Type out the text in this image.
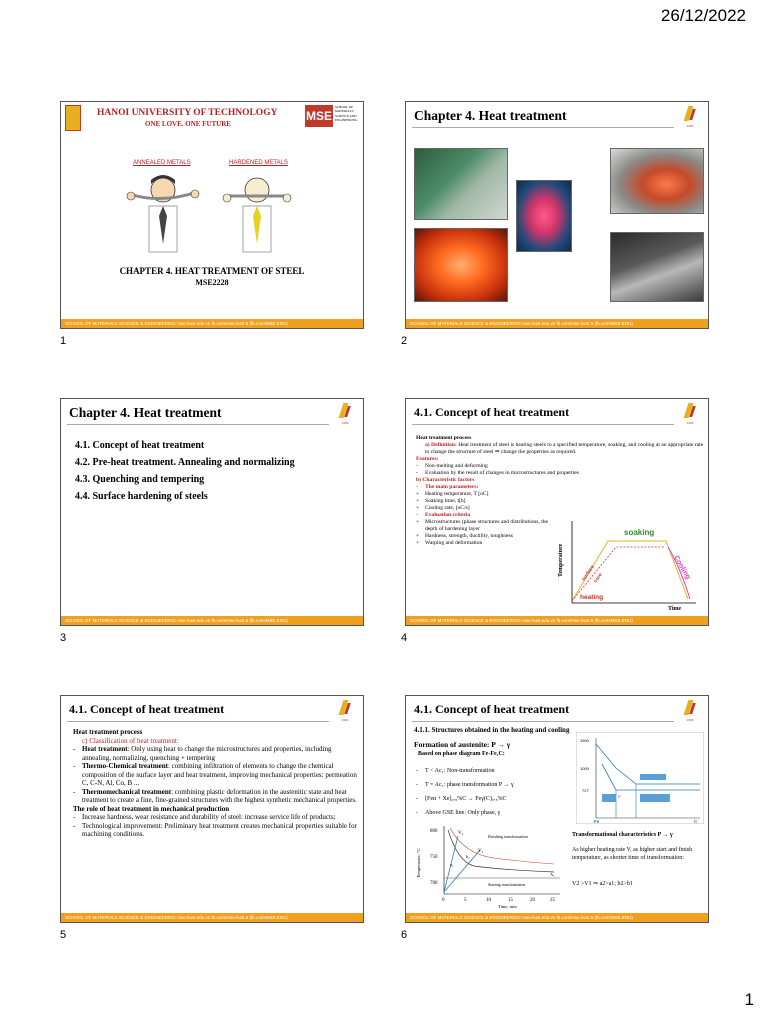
26/12/2022
HANOI UNIVERSITY OF TECHNOLOGY
ONE LOVE. ONE FUTURE
MSE
SCHOOL OF MATERIALS SCIENCE AND ENGINEERING
ANNEALED METALS	HARDENED METALS
CHAPTER 4. HEAT TREATMENT OF STEEL
MSE2228
SCHOOL OF MATERIALS SCIENCE & ENGINEERING mse.hust.edu.vn fb.com/mse.hust.5 (fb.com/MSE.EDU)
1
Chapter 4. Heat treatment
1956
SCHOOL OF MATERIALS SCIENCE & ENGINEERING mse.hust.edu.vn fb.com/mse.hust.5 (fb.com/MSE.EDU)
2
Chapter 4. Heat treatment
1956
4.1. Concept of heat treatment
4.2. Pre-heat treatment. Annealing and normalizing
4.3. Quenching and tempering
4.4. Surface hardening of steels
SCHOOL OF MATERIALS SCIENCE & ENGINEERING mse.hust.edu.vn fb.com/mse.hust.5 (fb.com/MSE.EDU)
3
4.1. Concept of heat treatment
1956
Heat treatment process
a) Definition: Heat treatment of steel is heating steels to a specified temperature, soaking, and cooling at an appropriate rate to change the structure of steel ⇒ change the properties as required.
Features:
- Non-melting and deforming
- Evaluation by the result of changes in microstructures and properties
b) Characteristic factors
- The main parameters:
+ Heating temperature, T [oC]
+ Soaking time, t[h]
+ Cooling rate, [oC/s]
- Evaluation criteria
+ Microstructures (phase structures and distributions, the depth of hardening layer
+ Hardness, strength, ductility, toughness
+ Warping and deformation
Temperature
Time
soaking
Cooling
heating
surface
core
SCHOOL OF MATERIALS SCIENCE & ENGINEERING mse.hust.edu.vn fb.com/mse.hust.5 (fb.com/MSE.EDU)
4
4.1. Concept of heat treatment
1956
Heat treatment process
c) Classification of heat treatment:
- Heat treatment: Only using heat to change the microstructures and properties, including annealing, normalizing, quenching + tempering
- Thermo-Chemical treatment: combining infiltration of elements to change the chemical composition of the surface layer and heat treatment, improving mechanical properties: permeation C, C-N, Al, Co, B ...
- Thermomechanical treatment: combining plastic deformation in the austenitic state and heat treatment to create a fine, fine-grained structures with the highest synthetic mechanical properties.
The role of heat treatment in mechanical production
- Increase hardness, wear resistance and durability of steel: increase service life of products;
- Technological improvement: Preliminary heat treatment creates mechanical properties suitable for machining conditions.
SCHOOL OF MATERIALS SCIENCE & ENGINEERING mse.hust.edu.vn fb.com/mse.hust.5 (fb.com/MSE.EDU)
5
4.1. Concept of heat treatment
1956
4.1.1. Structures obtained in the heating and cooling
Formation of austenite: P → γ
Based on phase diagram Fe-Fe₃C:
- T < Ac₁: Non-transformation
- T = Ac₁: phase transformation P → γ
- [Feα + Xe]₀.₈%C → Feγ(C)₀.₈%C
- Above GSE line: Only phase, γ
1500
1000
727
P
Fe	C
Temperature, °C
800
750
700
0	5	10	15	20	25
Time, min
Finishing transformation
Starting transformation
V₂
V₁
a₁
b₁
A₁
Transformational characteristics P → γ
As higher heating rate V, as higher start and finish temperature, as shorter time of transformation:
V2 >V1 ⇒ a2>a1; b2>b1
SCHOOL OF MATERIALS SCIENCE & ENGINEERING mse.hust.edu.vn fb.com/mse.hust.5 (fb.com/MSE.EDU)
6
1
